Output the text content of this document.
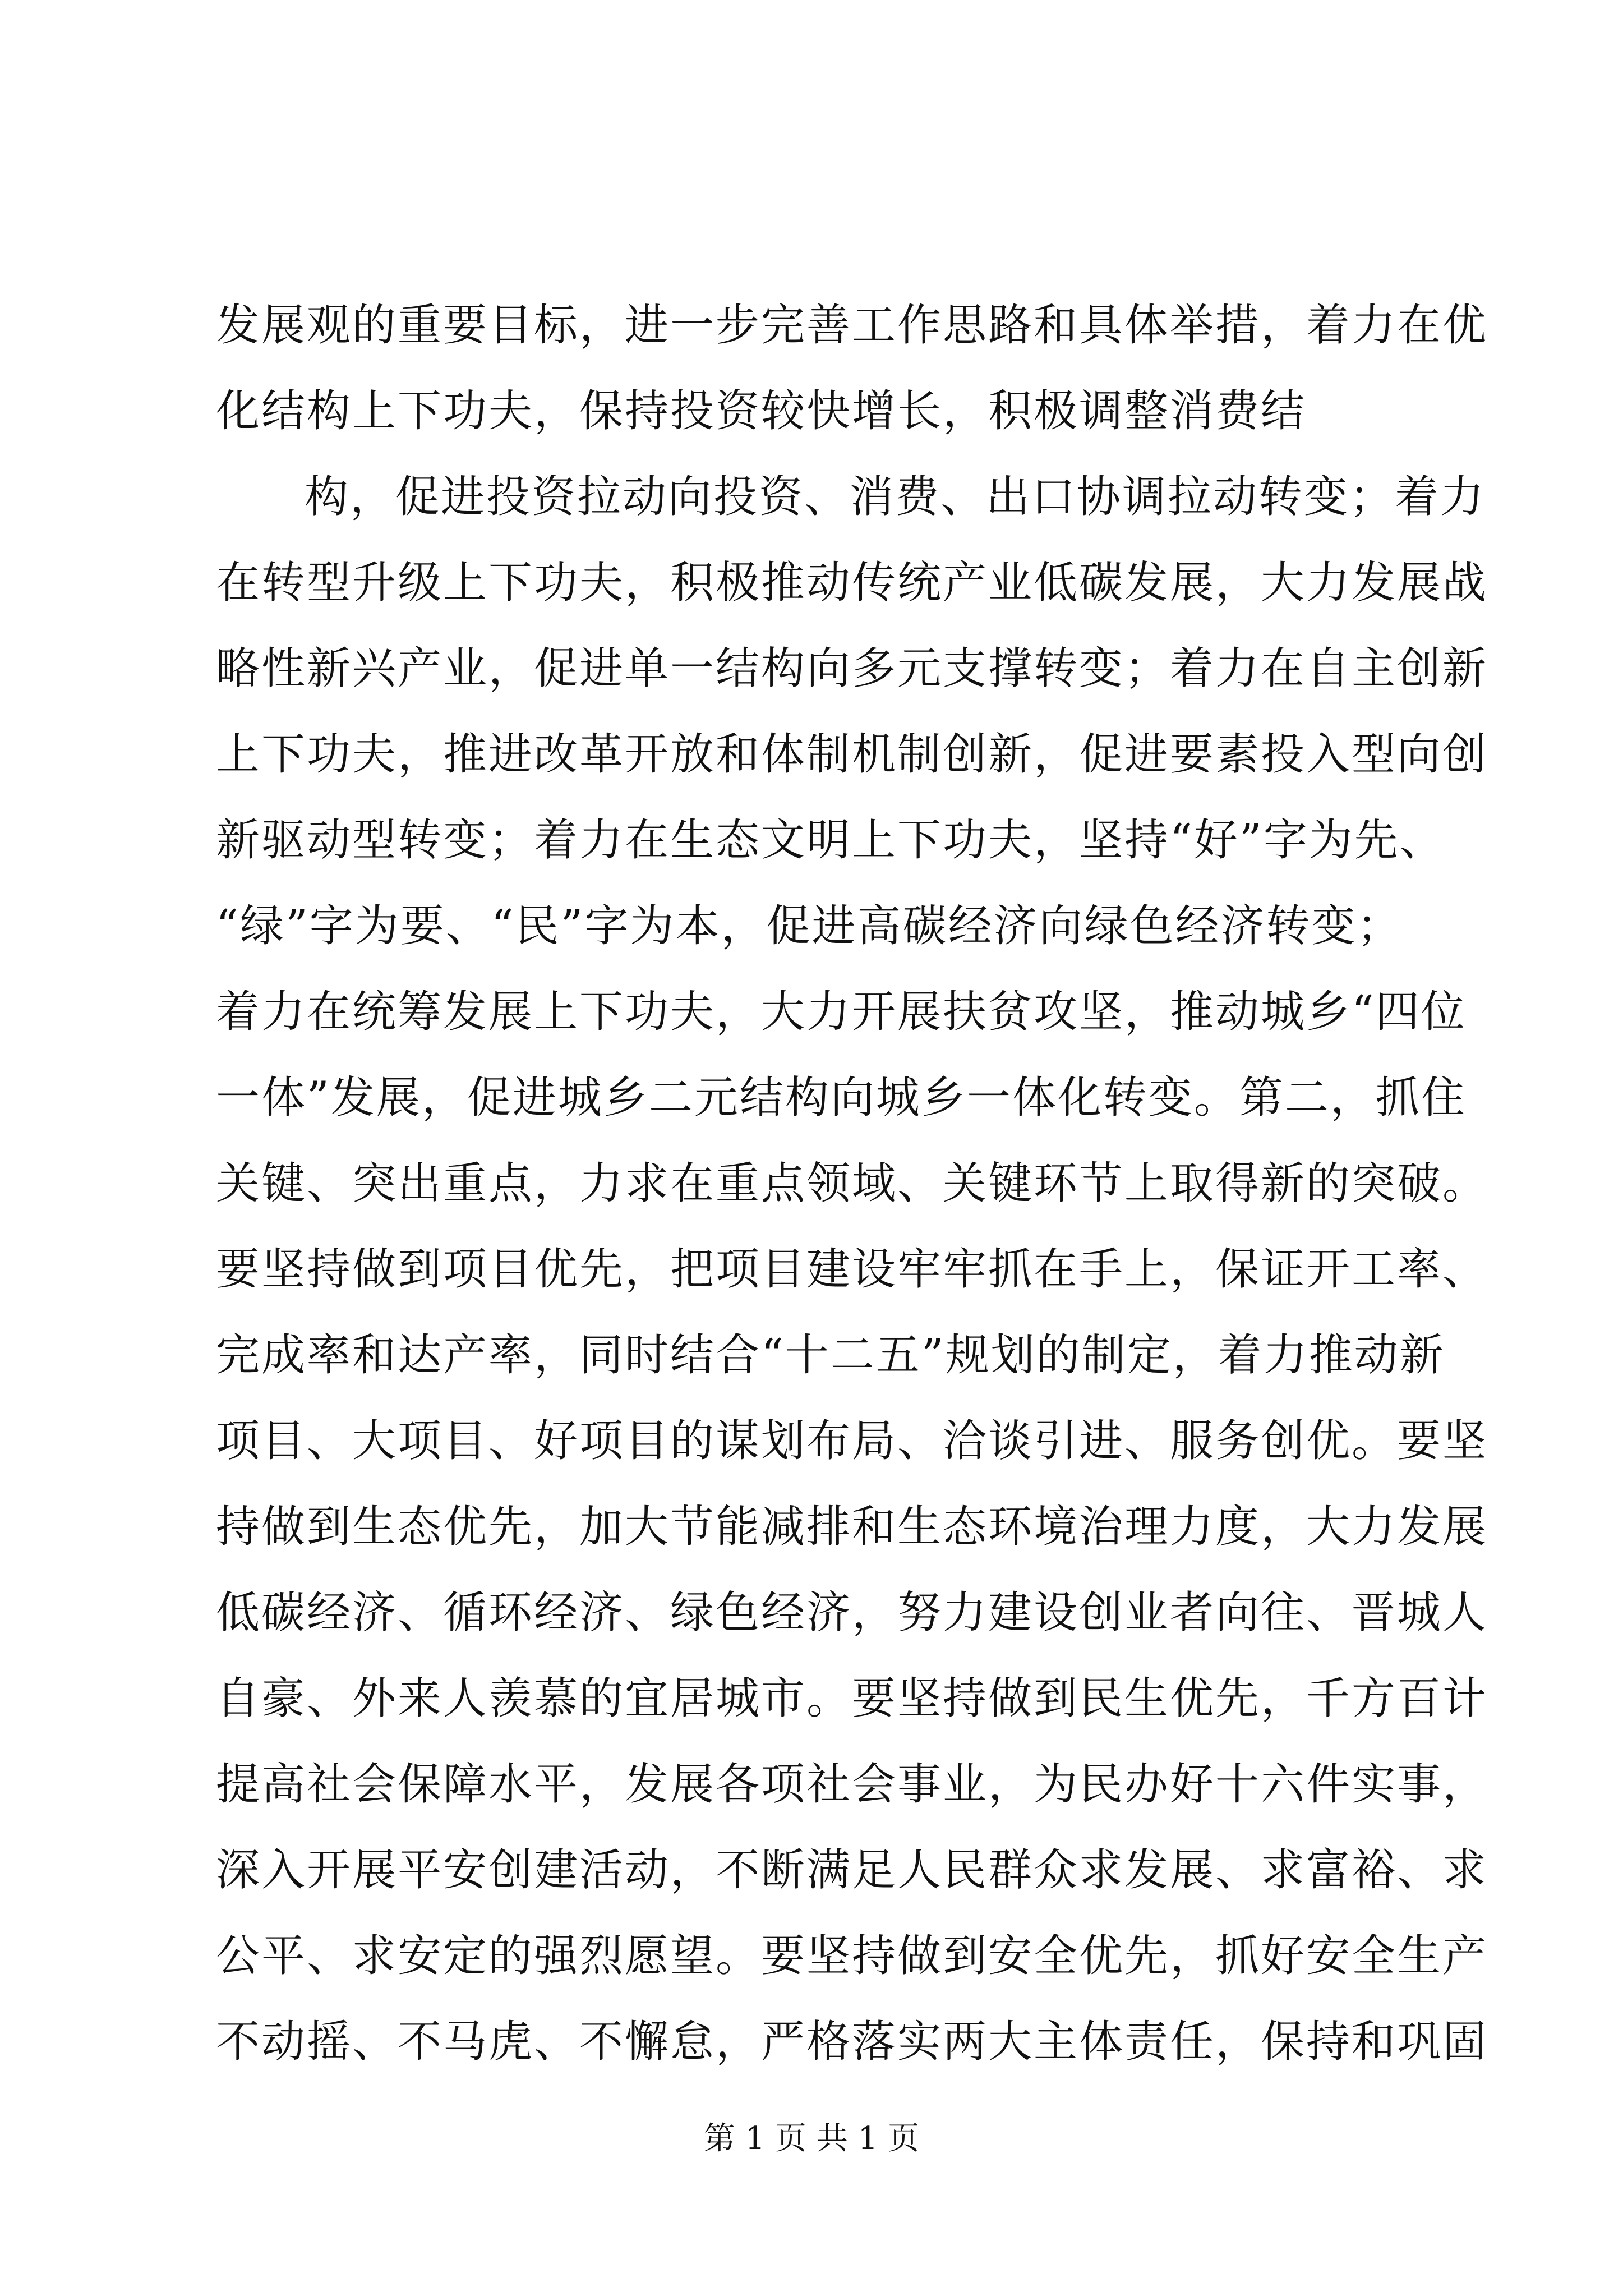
发展观的重要目标，进一步完善工作思路和具体举措，着力在优
化结构上下功夫，保持投资较快增长，积极调整消费结
构，促进投资拉动向投资、消费、出口协调拉动转变；着力
在转型升级上下功夫，积极推动传统产业低碳发展，大力发展战
略性新兴产业，促进单一结构向多元支撑转变；着力在自主创新
上下功夫，推进改革开放和体制机制创新，促进要素投入型向创
新驱动型转变；着力在生态文明上下功夫，坚持“好”字为先、
“绿”字为要、“民”字为本，促进高碳经济向绿色经济转变；
着力在统筹发展上下功夫，大力开展扶贫攻坚，推动城乡“四位
一体”发展，促进城乡二元结构向城乡一体化转变。第二，抓住
关键、突出重点，力求在重点领域、关键环节上取得新的突破。
要坚持做到项目优先，把项目建设牢牢抓在手上，保证开工率、
完成率和达产率，同时结合“十二五”规划的制定，着力推动新
项目、大项目、好项目的谋划布局、洽谈引进、服务创优。要坚
持做到生态优先，加大节能减排和生态环境治理力度，大力发展
低碳经济、循环经济、绿色经济，努力建设创业者向往、晋城人
自豪、外来人羡慕的宜居城市。要坚持做到民生优先，千方百计
提高社会保障水平，发展各项社会事业，为民办好十六件实事，
深入开展平安创建活动，不断满足人民群众求发展、求富裕、求
公平、求安定的强烈愿望。要坚持做到安全优先，抓好安全生产
不动摇、不马虎、不懈怠，严格落实两大主体责任，保持和巩固
第 1 页 共 1 页
